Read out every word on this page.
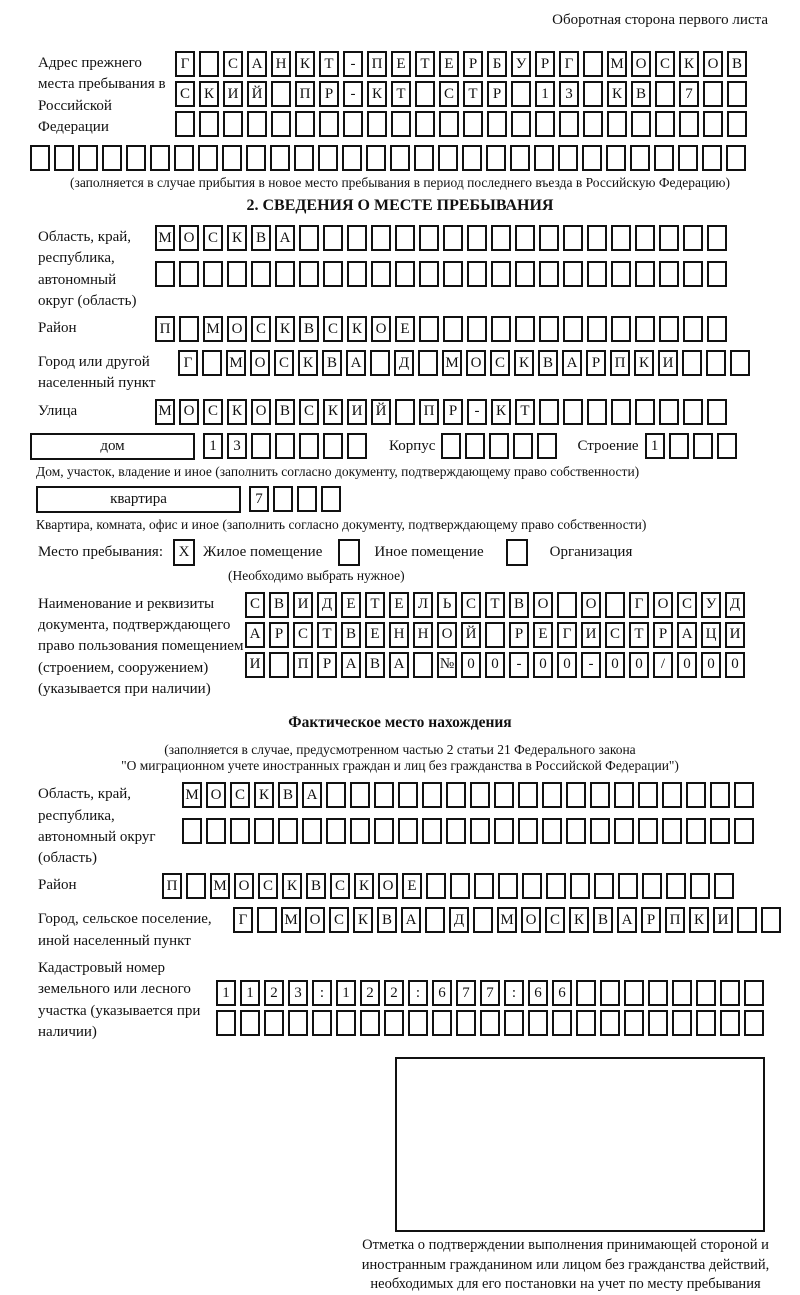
Оборотная сторона первого листа
Адрес прежнего места пребывания в Российской Федерации
Г	С А Н К Т	-	П Е Т Е	Р	Б У Р	Г	М О С К О В
С К И Й	П Р	-	К Т	С Т	Р	1	3	К В	7
(заполняется в случае прибытия в новое место пребывания в период последнего въезда в Российскую Федерацию)
2. СВЕДЕНИЯ О МЕСТЕ ПРЕБЫВАНИЯ
Область, край, республика, автономный округ (область)
М О С К В А
Район	П	М О С К В С К О Е
Город или другой населенный пункт
Г	М О С К В А	Д	М О С К В А Р П К И
Улица	М О С К О В С К И Й	П Р	-	К Т
дом	1	3	Корпус	Строение 1
Дом, участок, владение и иное (заполнить согласно документу, подтверждающему право собственности)
квартира	7
Квартира, комната, офис и иное (заполнить согласно документу, подтверждающему право собственности)
Место пребывания:	X Жилое помещение	Иное помещение	Организация
(Необходимо выбрать нужное)
Наименование и реквизиты документа, подтверждающего право пользования помещением (строением, сооружением) (указывается при наличии)
С В И Д Е Т Е Л Ь С Т В О	О	Г О С У Д
А Р С Т В Е Н Н О Й	Р	Е	Г И С Т	Р А Ц И
И	П Р А В А	№ 0	0	-	0	0	-	0	0	/	0	0	0
Фактическое место нахождения
(заполняется в случае, предусмотренном частью 2 статьи 21 Федерального закона
"О миграционном учете иностранных граждан и лиц без гражданства в Российской Федерации")
Область, край, республика, автономный округ (область)
М О С К В А
Район	П	М О С К В С К О Е
Город, сельское поселение, иной населенный пункт
Г	М О С К В А	Д	М О С К В А Р П К И
Кадастровый номер земельного или лесного участка (указывается при наличии)
1	1	2	3	:	1	2	2	:	6	7	7	:	6	6
Отметка о подтверждении выполнения принимающей стороной и иностранным гражданином или лицом без гражданства действий, необходимых для его постановки на учет по месту пребывания
